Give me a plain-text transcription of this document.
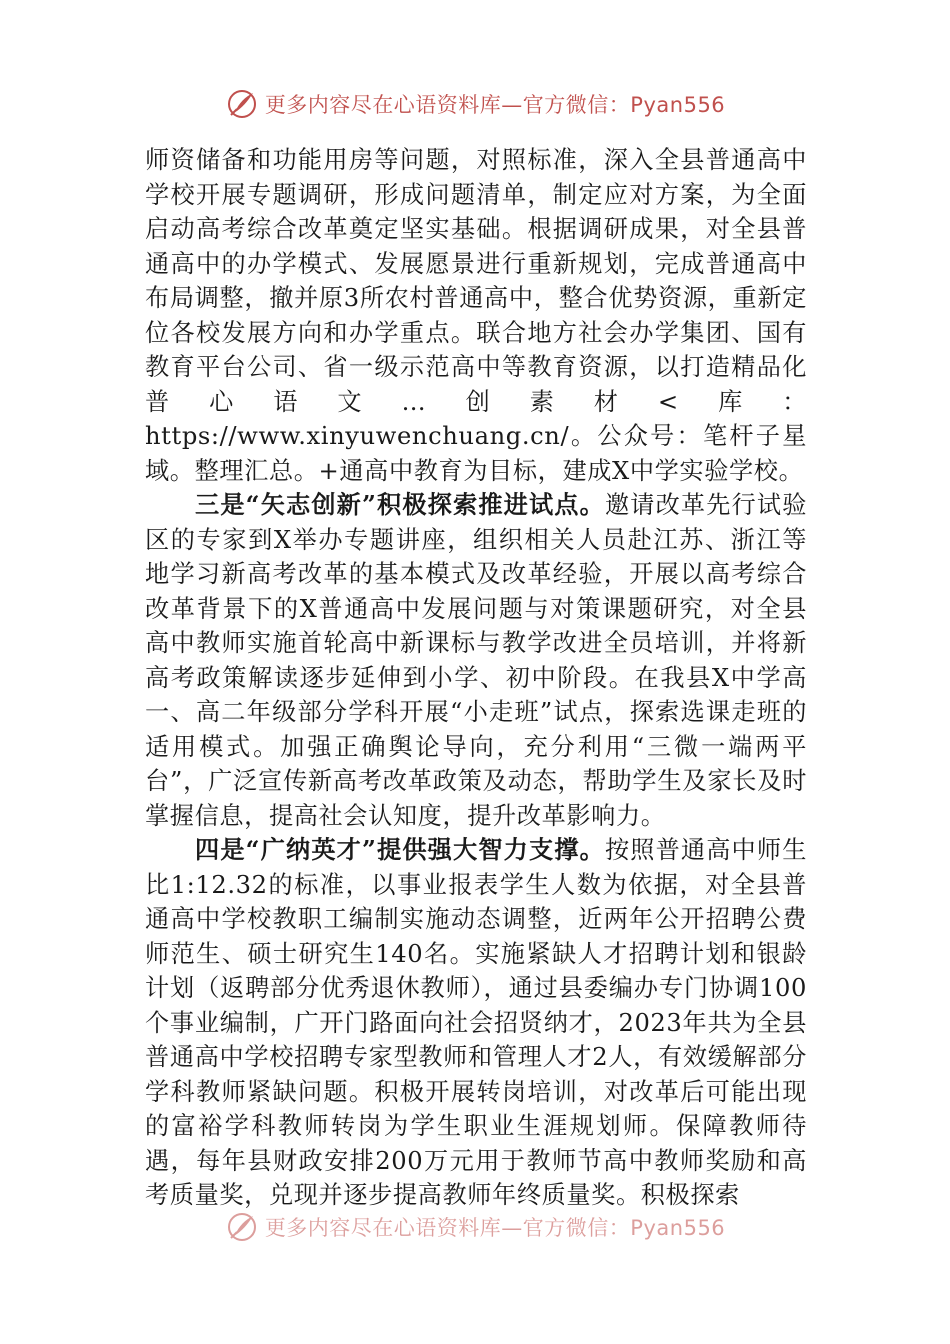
更多内容尽在心语资料库—官方微信：Pyan556

师资储备和功能用房等问题，对照标准，深入全县普通高中学校开展专题调研，形成问题清单，制定应对方案，为全面启动高考综合改革奠定坚实基础。根据调研成果，对全县普通高中的办学模式、发展愿景进行重新规划，完成普通高中布局调整，撤并原3所农村普通高中，整合优势资源，重新定位各校发展方向和办学重点。联合地方社会办学集团、国有教育平台公司、省一级示范高中等教育资源，以打造精品化普心语文…创素材<库：https://www.xinyuwenchuang.cn/。公众号：笔杆子星域。整理汇总。+通高中教育为目标，建成X中学实验学校。

三是“矢志创新”积极探索推进试点。邀请改革先行试验区的专家到X举办专题讲座，组织相关人员赴江苏、浙江等地学习新高考改革的基本模式及改革经验，开展以高考综合改革背景下的X普通高中发展问题与对策课题研究，对全县高中教师实施首轮高中新课标与教学改进全员培训，并将新高考政策解读逐步延伸到小学、初中阶段。在我县X中学高一、高二年级部分学科开展“小走班”试点，探索选课走班的适用模式。加强正确舆论导向，充分利用“三微一端两平台”，广泛宣传新高考改革政策及动态，帮助学生及家长及时掌握信息，提高社会认知度，提升改革影响力。

四是“广纳英才”提供强大智力支撑。按照普通高中师生比1:12.32的标准，以事业报表学生人数为依据，对全县普通高中学校教职工编制实施动态调整，近两年公开招聘公费师范生、硕士研究生140名。实施紧缺人才招聘计划和银龄计划（返聘部分优秀退休教师），通过县委编办专门协调100个事业编制，广开门路面向社会招贤纳才，2023年共为全县普通高中学校招聘专家型教师和管理人才2人，有效缓解部分学科教师紧缺问题。积极开展转岗培训，对改革后可能出现的富裕学科教师转岗为学生职业生涯规划师。保障教师待遇，每年县财政安排200万元用于教师节高中教师奖励和高考质量奖，兑现并逐步提高教师年终质量奖。积极探索

更多内容尽在心语资料库—官方微信：Pyan556
